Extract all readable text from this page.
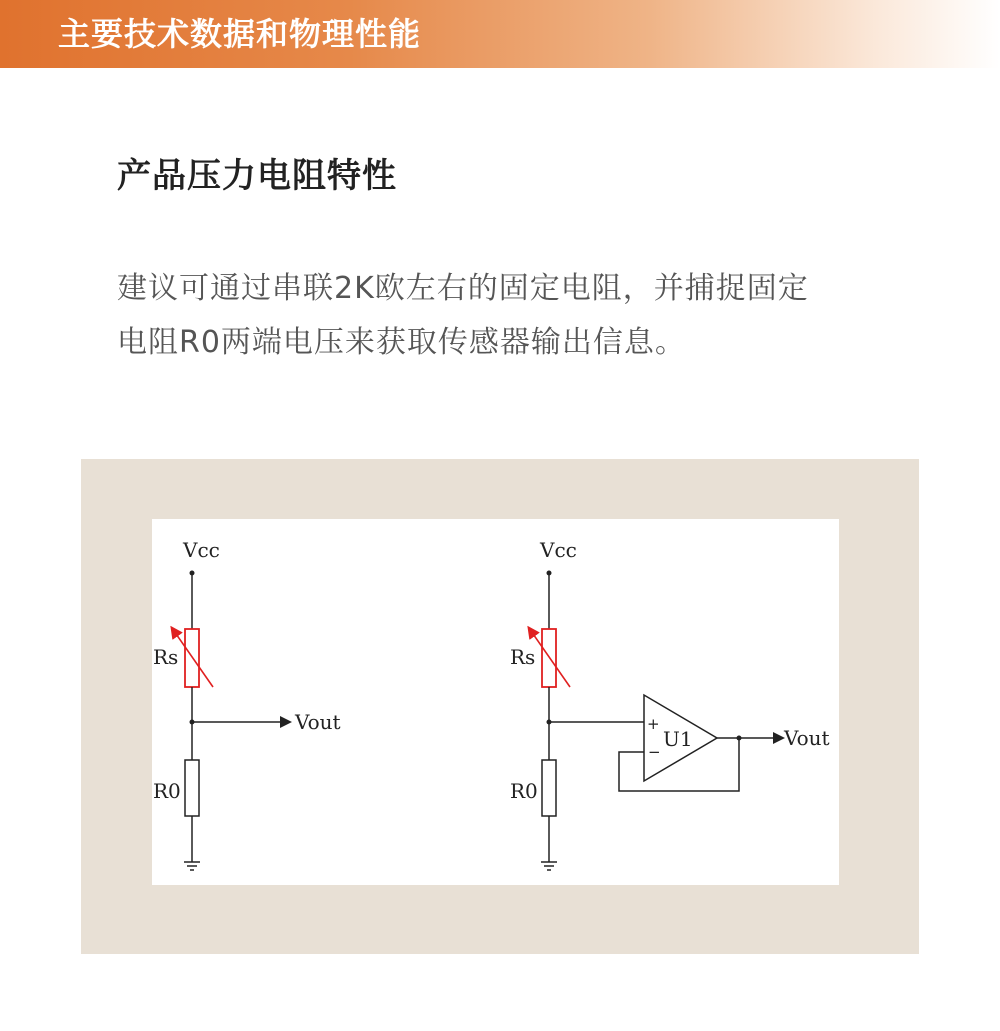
主要技术数据和物理性能
产品压力电阻特性

建议可通过串联2K欧左右的固定电阻，并捕捉固定
电阻R0两端电压来获取传感器输出信息。

Vcc
Rs
Vout
R0
Vcc
Rs
+
−
U1	Vout
R0
